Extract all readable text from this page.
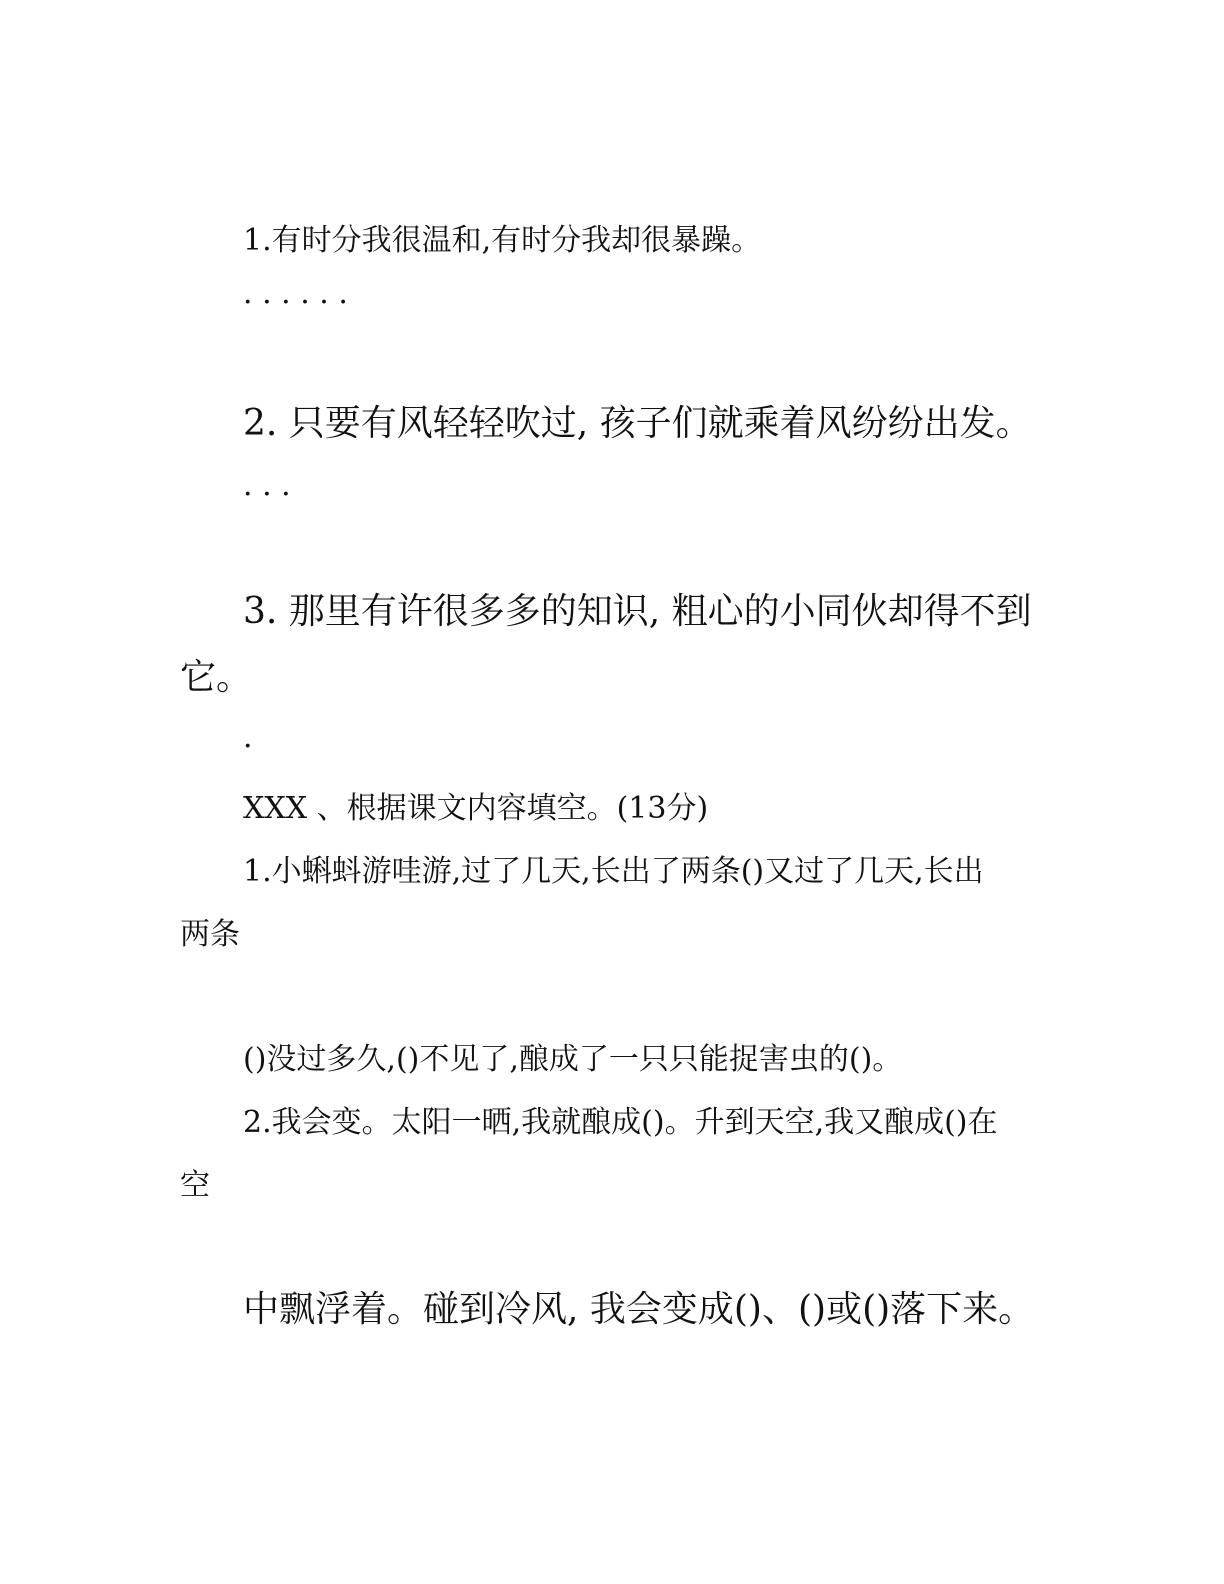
1.有时分我很温和,有时分我却很暴躁。
· · · · · ·
2. 只要有风轻轻吹过, 孩子们就乘着风纷纷出发。
· · ·
3. 那里有许很多多的知识, 粗心的小同伙却得不到
它。
·
XXX 、根据课文内容填空。(13分)
1.小蝌蚪游哇游,过了几天,长出了两条()又过了几天,长出
两条
()没过多久,()不见了,酿成了一只只能捉害虫的()。
2.我会变。太阳一晒,我就酿成()。升到天空,我又酿成()在
空
中飘浮着。碰到冷风, 我会变成()、()或()落下来。
